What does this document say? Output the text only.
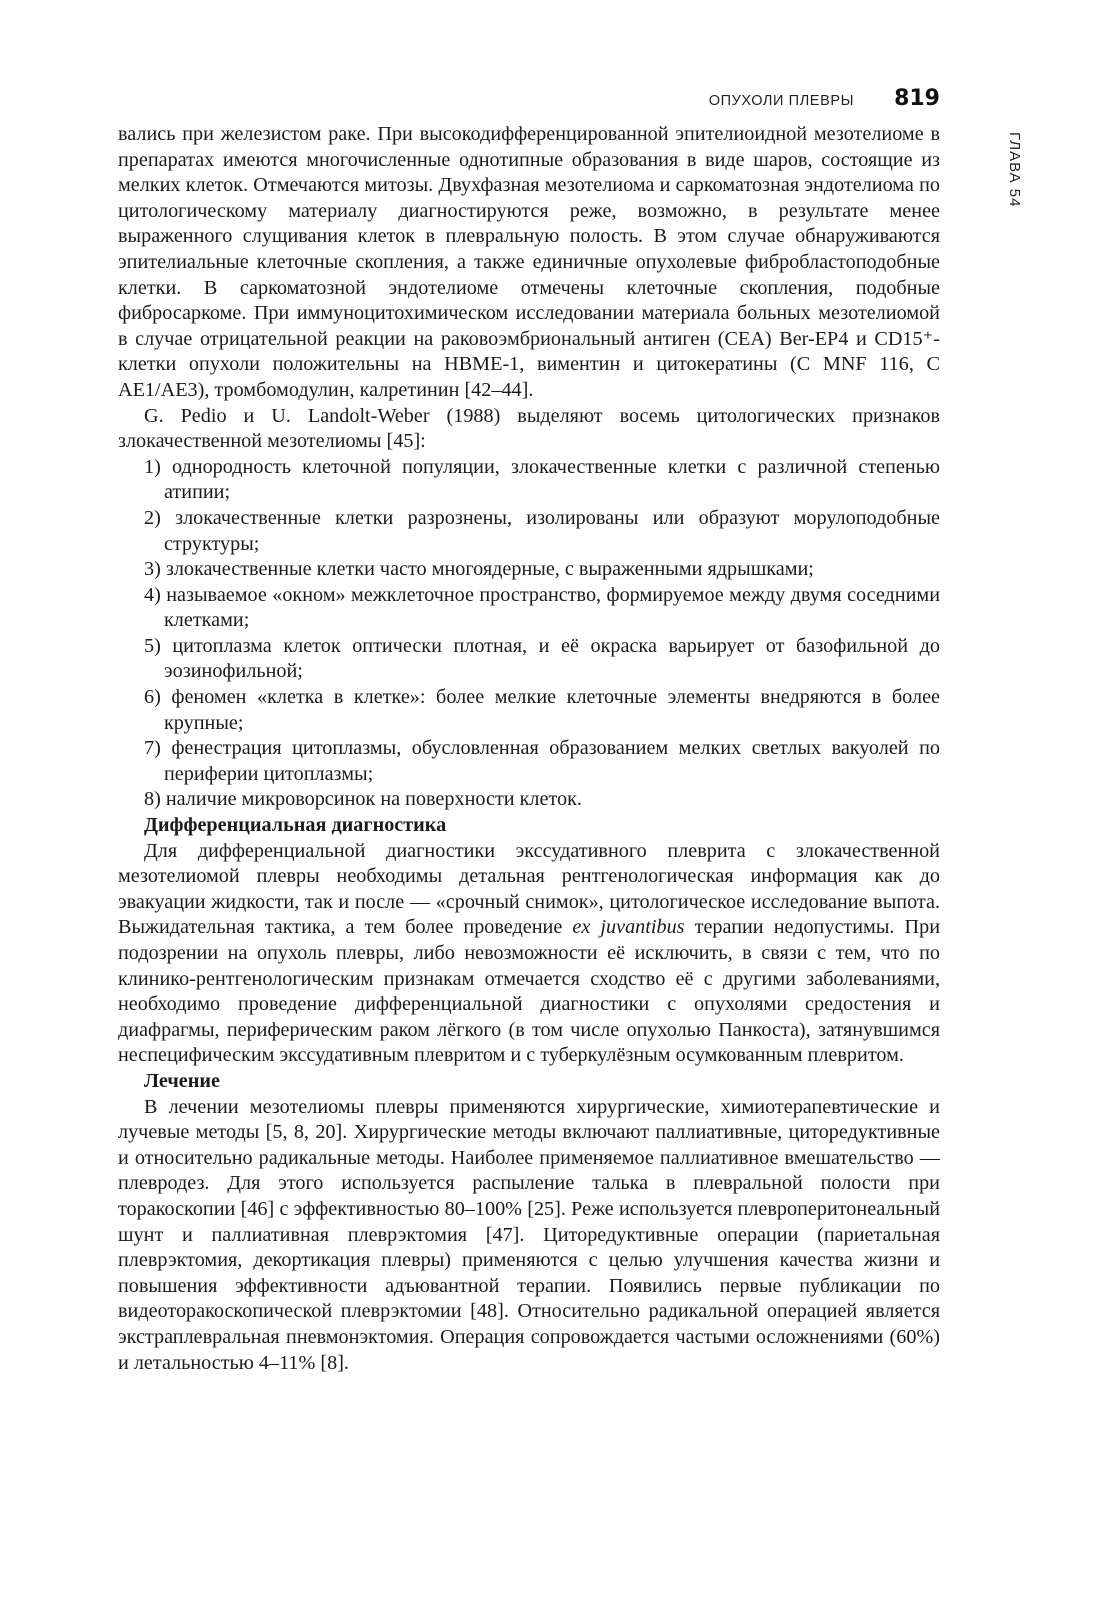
ОПУХОЛИ ПЛЕВРЫ 819
ГЛАВА 54

вались при железистом раке. При высокодифференцированной эпителиоидной мезотелиоме в препаратах имеются многочисленные однотипные образования в виде шаров, состоящие из мелких клеток. Отмечаются митозы. Двухфазная мезотелиома и саркоматозная эндотелиома по цитологическому материалу диагностируются реже, возможно, в результате менее выраженного слущивания клеток в плевральную полость. В этом случае обнаруживаются эпителиальные клеточные скопления, а также единичные опухолевые фибробластоподобные клетки. В саркоматозной эндотелиоме отмечены клеточные скопления, подобные фибросаркоме. При иммуноцитохимическом исследовании материала больных мезотелиомой в случае отрицательной реакции на раковоэмбриональный антиген (CEA) Ber-EP4 и CD15⁺-клетки опухоли положительны на HBME-1, виментин и цитокератины (C MNF 116, C AE1/AE3), тромбомодулин, калретинин [42–44].

G. Pedio и U. Landolt-Weber (1988) выделяют восемь цитологических признаков злокачественной мезотелиомы [45]:

1) однородность клеточной популяции, злокачественные клетки с различной степенью атипии;
2) злокачественные клетки разрознены, изолированы или образуют морулоподобные структуры;
3) злокачественные клетки часто многоядерные, с выраженными ядрышками;
4) называемое «окном» межклеточное пространство, формируемое между двумя соседними клетками;
5) цитоплазма клеток оптически плотная, и её окраска варьирует от базофильной до эозинофильной;
6) феномен «клетка в клетке»: более мелкие клеточные элементы внедряются в более крупные;
7) фенестрация цитоплазмы, обусловленная образованием мелких светлых вакуолей по периферии цитоплазмы;
8) наличие микроворсинок на поверхности клеток.

Дифференциальная диагностика

Для дифференциальной диагностики экссудативного плеврита с злокачественной мезотелиомой плевры необходимы детальная рентгенологическая информация как до эвакуации жидкости, так и после — «срочный снимок», цитологическое исследование выпота. Выжидательная тактика, а тем более проведение ex juvantibus терапии недопустимы. При подозрении на опухоль плевры, либо невозможности её исключить, в связи с тем, что по клинико-рентгенологическим признакам отмечается сходство её с другими заболеваниями, необходимо проведение дифференциальной диагностики с опухолями средостения и диафрагмы, периферическим раком лёгкого (в том числе опухолью Панкоста), затянувшимся неспецифическим экссудативным плевритом и с туберкулёзным осумкованным плевритом.

Лечение

В лечении мезотелиомы плевры применяются хирургические, химиотерапевтические и лучевые методы [5, 8, 20]. Хирургические методы включают паллиативные, циторедуктивные и относительно радикальные методы. Наиболее применяемое паллиативное вмешательство — плевродез. Для этого используется распыление талька в плевральной полости при торакоскопии [46] с эффективностью 80–100% [25]. Реже используется плевроперитонеальный шунт и паллиативная плеврэктомия [47]. Циторедуктивные операции (париетальная плеврэктомия, декортикация плевры) применяются с целью улучшения качества жизни и повышения эффективности адъювантной терапии. Появились первые публикации по видеоторакоскопической плеврэктомии [48]. Относительно радикальной операцией является экстраплевральная пневмонэктомия. Операция сопровождается частыми осложнениями (60%) и летальностью 4–11% [8].
